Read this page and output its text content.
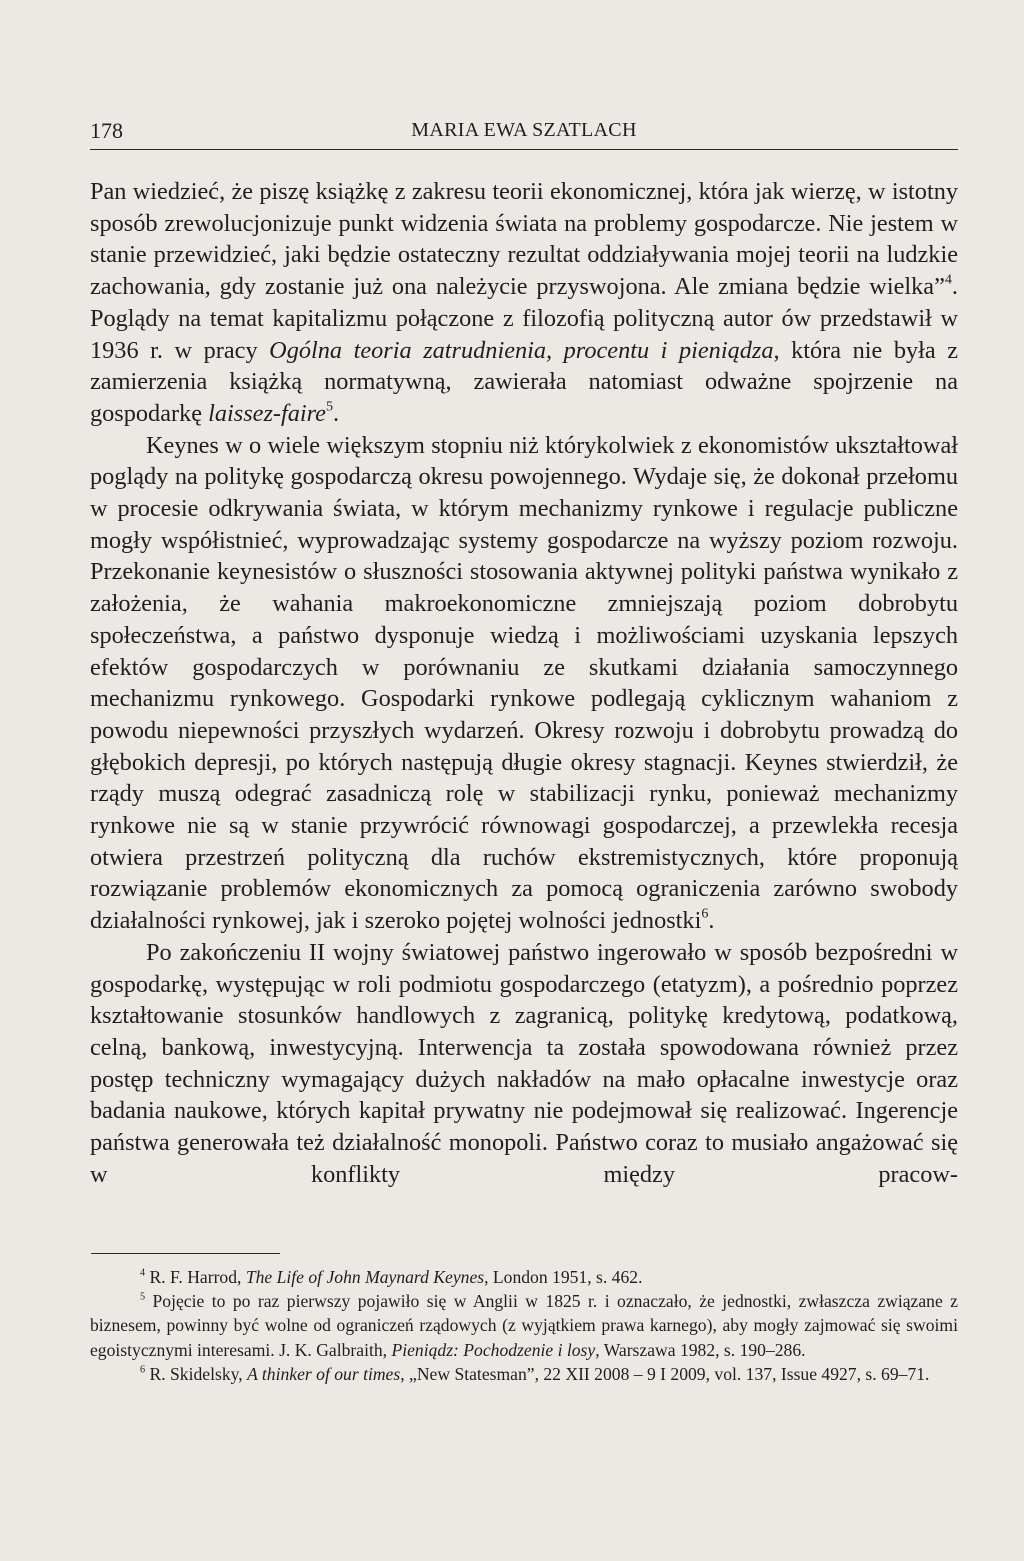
178	MARIA EWA SZATLACH

Pan wiedzieć, że piszę książkę z zakresu teorii ekonomicznej, która jak wierzę, w istotny sposób zrewolucjonizuje punkt widzenia świata na problemy gospodarcze. Nie jestem w stanie przewidzieć, jaki będzie ostateczny rezultat oddziaływania mojej teorii na ludzkie zachowania, gdy zostanie już ona należycie przyswojona. Ale zmiana będzie wielka”$^4$. Poglądy na temat kapitalizmu połączone z filozofią polityczną autor ów przedstawił w 1936 r. w pracy Ogólna teoria zatrudnienia, procentu i pieniądza, która nie była z zamierzenia książką normatywną, zawierała natomiast odważne spojrzenie na gospodarkę laissez-faire$^5$.

Keynes w o wiele większym stopniu niż którykolwiek z ekonomistów ukształtował poglądy na politykę gospodarczą okresu powojennego. Wydaje się, że dokonał przełomu w procesie odkrywania świata, w którym mechanizmy rynkowe i regulacje publiczne mogły współistnieć, wyprowadzając systemy gospodarcze na wyższy poziom rozwoju. Przekonanie keynesistów o słuszności stosowania aktywnej polityki państwa wynikało z założenia, że wahania makroekonomiczne zmniejszają poziom dobrobytu społeczeństwa, a państwo dysponuje wiedzą i możliwościami uzyskania lepszych efektów gospodarczych w porównaniu ze skutkami działania samoczynnego mechanizmu rynkowego. Gospodarki rynkowe podlegają cyklicznym wahaniom z powodu niepewności przyszłych wydarzeń. Okresy rozwoju i dobrobytu prowadzą do głębokich depresji, po których następują długie okresy stagnacji. Keynes stwierdził, że rządy muszą odegrać zasadniczą rolę w stabilizacji rynku, ponieważ mechanizmy rynkowe nie są w stanie przywrócić równowagi gospodarczej, a przewlekła recesja otwiera przestrzeń polityczną dla ruchów ekstremistycznych, które proponują rozwiązanie problemów ekonomicznych za pomocą ograniczenia zarówno swobody działalności rynkowej, jak i szeroko pojętej wolności jednostki$^6$.

Po zakończeniu II wojny światowej państwo ingerowało w sposób bezpośredni w gospodarkę, występując w roli podmiotu gospodarczego (etatyzm), a pośrednio poprzez kształtowanie stosunków handlowych z zagranicą, politykę kredytową, podatkową, celną, bankową, inwestycyjną. Interwencja ta została spowodowana również przez postęp techniczny wymagający dużych nakładów na mało opłacalne inwestycje oraz badania naukowe, których kapitał prywatny nie podejmował się realizować. Ingerencje państwa generowała też działalność monopoli. Państwo coraz to musiało angażować się w konflikty między pracow-

$^4$ R. F. Harrod, The Life of John Maynard Keynes, London 1951, s. 462.

$^5$ Pojęcie to po raz pierwszy pojawiło się w Anglii w 1825 r. i oznaczało, że jednostki, zwłaszcza związane z biznesem, powinny być wolne od ograniczeń rządowych (z wyjątkiem prawa karnego), aby mogły zajmować się swoimi egoistycznymi interesami. J. K. Galbraith, Pieniądz: Pochodzenie i losy, Warszawa 1982, s. 190–286.

$^6$ R. Skidelsky, A thinker of our times, „New Statesman”, 22 XII 2008 – 9 I 2009, vol. 137, Issue 4927, s. 69–71.
